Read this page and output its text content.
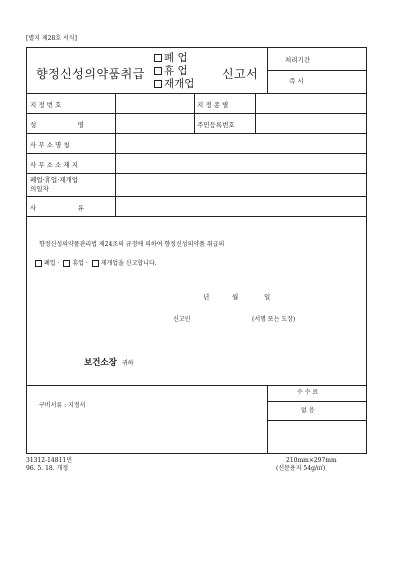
[별지 제28호 서식]
향정신성의약품취급
폐 업
휴 업
재개업
신고서
처리기간
즉 시
지 정 번 호	지 정 종 별
성                    명	주민등록번호
사 무 소 명 칭
사 무 소 소 재 지
폐업·휴업·재개업
의일자
사                    유
향정신성의약품관리법 제24조의 규정에 의하여 향정신성의약품 취급의
폐업 · 휴업 · 재개업을 신고합니다.
년	월	일
신고인	(서명 또는 도장)
보건소장 귀하
구비서류 : 지정서
수 수 료
없 음
31312-14811민
96. 5. 18. 개정
210mm×297mm
(신문용지 54g/㎡)
